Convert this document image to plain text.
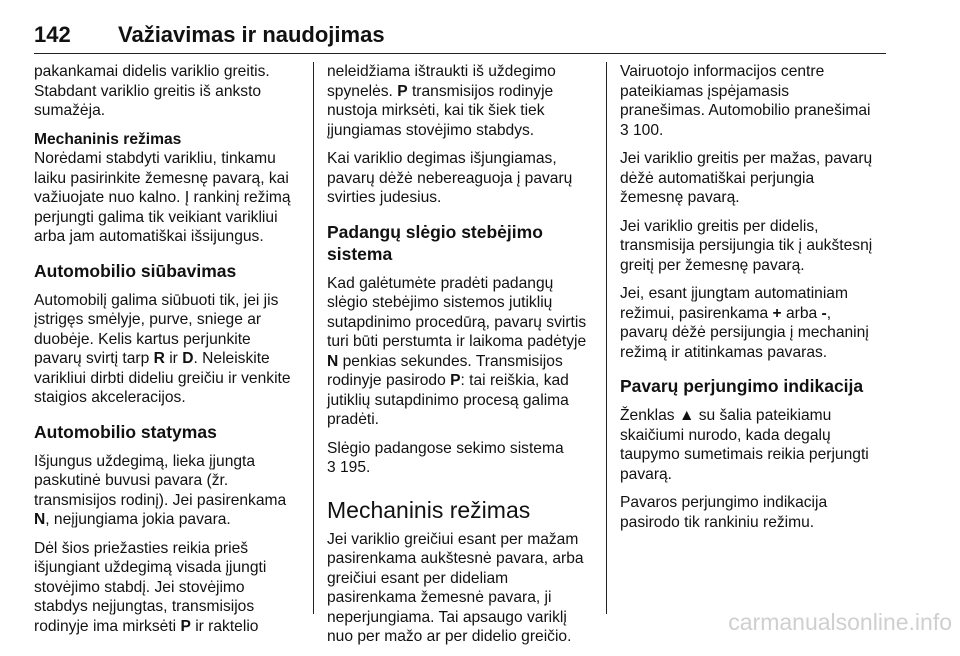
142 Važiavimas ir naudojimas
pakankamai didelis variklio greitis.
Stabdant variklio greitis iš anksto
sumažėja.
Mechaninis režimas
Norėdami stabdyti varikliu, tinkamu
laiku pasirinkite žemesnę pavarą, kai
važiuojate nuo kalno. Į rankinį režimą
perjungti galima tik veikiant varikliui
arba jam automatiškai išsijungus.
Automobilio siūbavimas
Automobilį galima siūbuoti tik, jei jis
įstrigęs smėlyje, purve, sniege ar
duobėje. Kelis kartus perjunkite
pavarų svirtį tarp R ir D. Neleiskite
varikliui dirbti dideliu greičiu ir venkite
staigios akceleracijos.
Automobilio statymas
Išjungus uždegimą, lieka įjungta
paskutinė buvusi pavara (žr.
transmisijos rodinį). Jei pasirenkama
N, neįjungiama jokia pavara.
Dėl šios priežasties reikia prieš
išjungiant uždegimą visada įjungti
stovėjimo stabdį. Jei stovėjimo
stabdys neįjungtas, transmisijos
rodinyje ima mirksėti P ir raktelio
neleidžiama ištraukti iš uždegimo
spynelės. P transmisijos rodinyje
nustoja mirksėti, kai tik šiek tiek
įjungiamas stovėjimo stabdys.
Kai variklio degimas išjungiamas,
pavarų dėžė nebereaguoja į pavarų
svirties judesius.
Padangų slėgio stebėjimo
sistema
Kad galėtumėte pradėti padangų
slėgio stebėjimo sistemos jutiklių
sutapdinimo procedūrą, pavarų svirtis
turi būti perstumta ir laikoma padėtyje
N penkias sekundes. Transmisijos
rodinyje pasirodo P: tai reiškia, kad
jutiklių sutapdinimo procesą galima
pradėti.
Slėgio padangose sekimo sistema
3 195.
Mechaninis režimas
Jei variklio greičiui esant per mažam
pasirenkama aukštesnė pavara, arba
greičiui esant per dideliam
pasirenkama žemesnė pavara, ji
neperjungiama. Tai apsaugo variklį
nuo per mažo ar per didelio greičio.
Vairuotojo informacijos centre
pateikiamas įspėjamasis
pranešimas. Automobilio pranešimai
3 100.
Jei variklio greitis per mažas, pavarų
dėžė automatiškai perjungia
žemesnę pavarą.
Jei variklio greitis per didelis,
transmisija persijungia tik į aukštesnį
greitį per žemesnę pavarą.
Jei, esant įjungtam automatiniam
režimui, pasirenkama + arba -,
pavarų dėžė persijungia į mechaninį
režimą ir atitinkamas pavaras.
Pavarų perjungimo indikacija
Ženklas ▲ su šalia pateikiamu
skaičiumi nurodo, kada degalų
taupymo sumetimais reikia perjungti
pavarą.
Pavaros perjungimo indikacija
pasirodo tik rankiniu režimu.
carmanualsonline.info
